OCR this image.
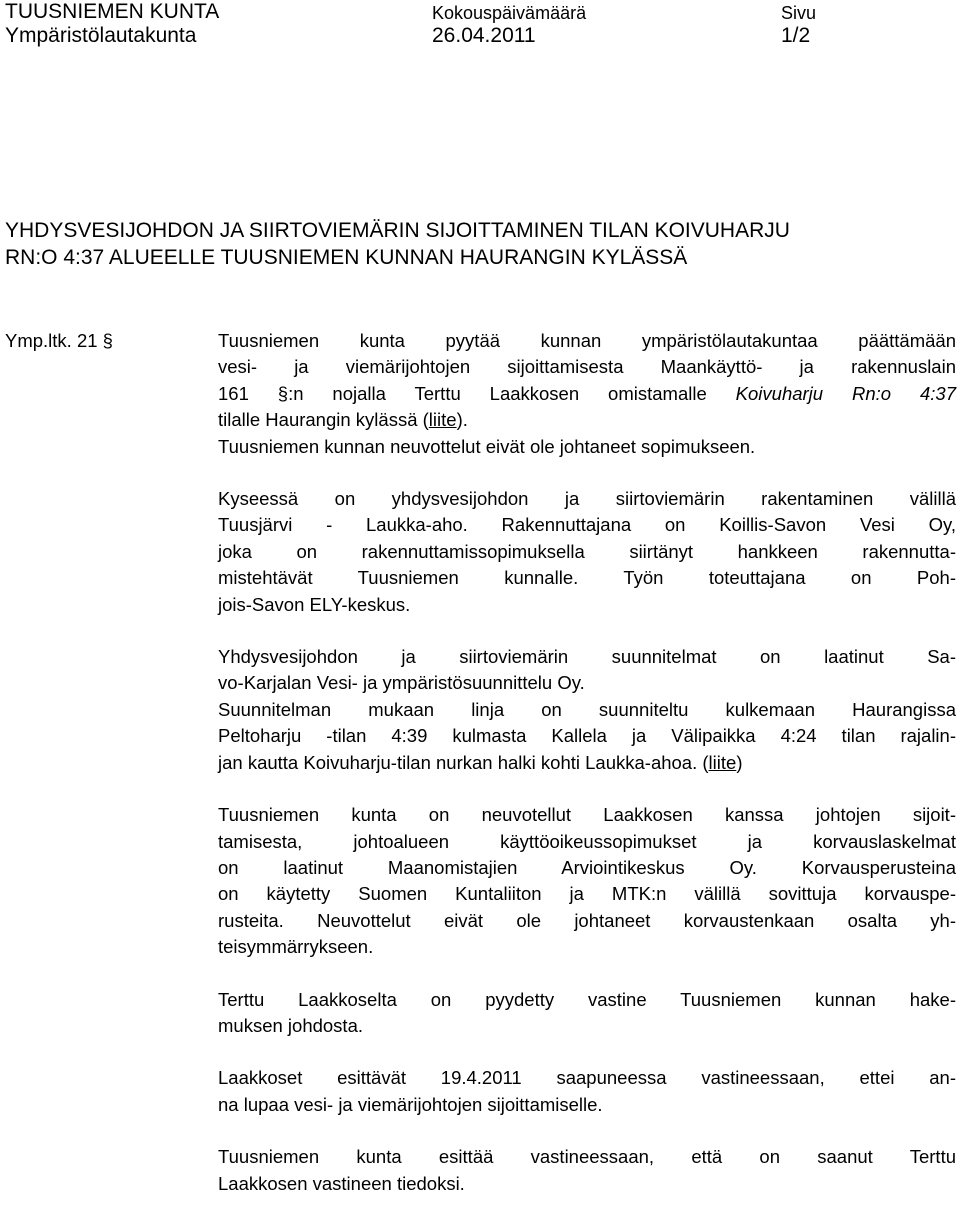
TUUSNIEMEN KUNTA
Ympäristölautakunta
Kokouspäivämäärä
26.04.2011
Sivu
1/2
YHDYSVESIJOHDON JA SIIRTOVIEMÄRIN SIJOITTAMINEN TILAN KOIVUHARJU
RN:O 4:37 ALUEELLE TUUSNIEMEN KUNNAN HAURANGIN KYLÄSSÄ
Ymp.ltk. 21 §	Tuusniemen kunta pyytää kunnan ympäristölautakuntaa päättämään
vesi- ja viemärijohtojen sijoittamisesta Maankäyttö- ja rakennuslain
161 §:n nojalla Terttu Laakkosen omistamalle Koivuharju Rn:o 4:37
tilalle Haurangin kylässä (liite).
Tuusniemen kunnan neuvottelut eivät ole johtaneet sopimukseen.
Kyseessä on yhdysvesijohdon ja siirtoviemärin rakentaminen välillä
Tuusjärvi - Laukka-aho. Rakennuttajana on Koillis-Savon Vesi Oy,
joka on rakennuttamissopimuksella siirtänyt hankkeen rakennutta-
mistehtävät Tuusniemen kunnalle. Työn toteuttajana on Poh-
jois-Savon ELY-keskus.
Yhdysvesijohdon ja siirtoviemärin suunnitelmat on laatinut Sa-
vo-Karjalan Vesi- ja ympäristösuunnittelu Oy.
Suunnitelman mukaan linja on suunniteltu kulkemaan Haurangissa
Peltoharju -tilan 4:39 kulmasta Kallela ja Välipaikka 4:24 tilan rajalin-
jan kautta Koivuharju-tilan nurkan halki kohti Laukka-ahoa. (liite)
Tuusniemen kunta on neuvotellut Laakkosen kanssa johtojen sijoit-
tamisesta, johtoalueen käyttöoikeussopimukset ja korvauslaskelmat
on laatinut Maanomistajien Arviointikeskus Oy. Korvausperusteina
on käytetty Suomen Kuntaliiton ja MTK:n välillä sovittuja korvauspe-
rusteita. Neuvottelut eivät ole johtaneet korvaustenkaan osalta yh-
teisymmärrykseen.
Terttu Laakkoselta on pyydetty vastine Tuusniemen kunnan hake-
muksen johdosta.
Laakkoset esittävät 19.4.2011 saapuneessa vastineessaan, ettei an-
na lupaa vesi- ja viemärijohtojen sijoittamiselle.
Tuusniemen kunta esittää vastineessaan, että on saanut Terttu
Laakkosen vastineen tiedoksi.
